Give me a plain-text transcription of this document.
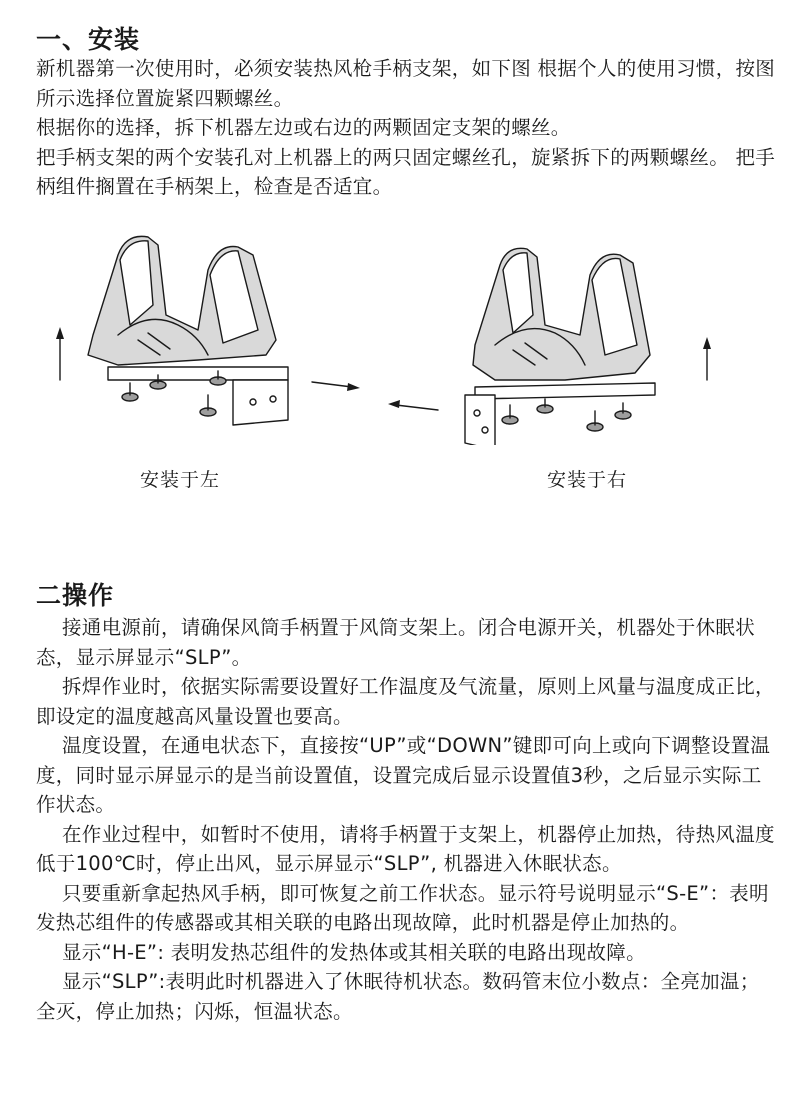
一、安装

新机器第一次使用时，必须安装热风枪手柄支架，如下图 根据个人的使用习惯，按图所示选择位置旋紧四颗螺丝。

根据你的选择，拆下机器左边或右边的两颗固定支架的螺丝。

把手柄支架的两个安装孔对上机器上的两只固定螺丝孔，旋紧拆下的两颗螺丝。 把手柄组件搁置在手柄架上，检查是否适宜。

安装于左	安装于右
二操作

接通电源前，请确保风筒手柄置于风筒支架上。闭合电源开关，机器处于休眠状态，显示屏显示“SLP”。

拆焊作业时，依据实际需要设置好工作温度及气流量，原则上风量与温度成正比，即设定的温度越高风量设置也要高。

温度设置，在通电状态下，直接按“UP”或“DOWN”键即可向上或向下调整设置温度，同时显示屏显示的是当前设置值，设置完成后显示设置值3秒，之后显示实际工作状态。

在作业过程中，如暂时不使用，请将手柄置于支架上，机器停止加热，待热风温度低于100℃时，停止出风，显示屏显示“SLP”, 机器进入休眠状态。

只要重新拿起热风手柄，即可恢复之前工作状态。显示符号说明显示“S-E”：表明发热芯组件的传感器或其相关联的电路出现故障，此时机器是停止加热的。

显示“H-E”: 表明发热芯组件的发热体或其相关联的电路出现故障。

显示“SLP”:表明此时机器进入了休眠待机状态。数码管末位小数点：全亮加温；全灭，停止加热；闪烁，恒温状态。
